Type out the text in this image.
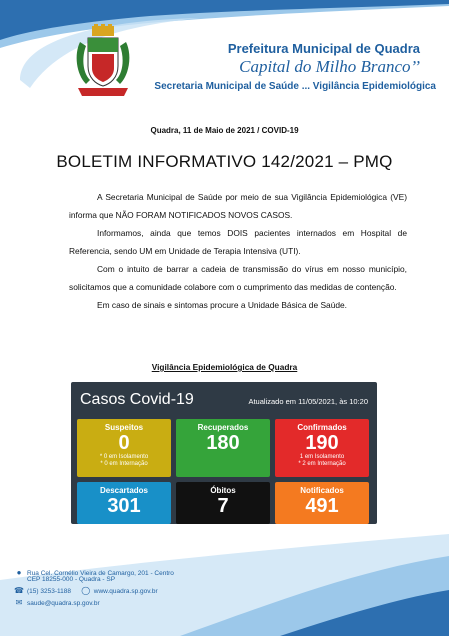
Prefeitura Municipal de Quadra
Capital do Milho Branco’’
Secretaria Municipal de Saúde ... Vigilância Epidemiológica
Quadra, 11 de Maio de 2021 / COVID-19
BOLETIM INFORMATIVO 142/2021 – PMQ

A Secretaria Municipal de Saúde por meio de sua Vigilância Epidemiológica (VE) informa que NÃO FORAM NOTIFICADOS NOVOS CASOS.

Informamos, ainda que temos DOIS pacientes internados em Hospital de Referencia, sendo UM em Unidade de Terapia Intensiva (UTI).

Com o intuito de barrar a cadeia de transmissão do vírus em nosso município, solicitamos que a comunidade colabore com o cumprimento das medidas de contenção.

Em caso de sinais e sintomas procure a Unidade Básica de Saúde.

Vigilância Epidemiológica de Quadra
Casos Covid-19	Atualizado em 11/05/2021, às 10:20
Suspeitos
0
* 0 em Isolamento
* 0 em Internação
Recuperados
180
Confirmados
190
1 em Isolamento
* 2 em Internação
Descartados
301
Óbitos
7
Notificados
491
● Rua Cel. Cornélio Vieira de Camargo, 201 - Centro
CEP 18255-000 - Quadra - SP
☎ (15) 3253-1188 ◯ www.quadra.sp.gov.br
✉ saude@quadra.sp.gov.br
